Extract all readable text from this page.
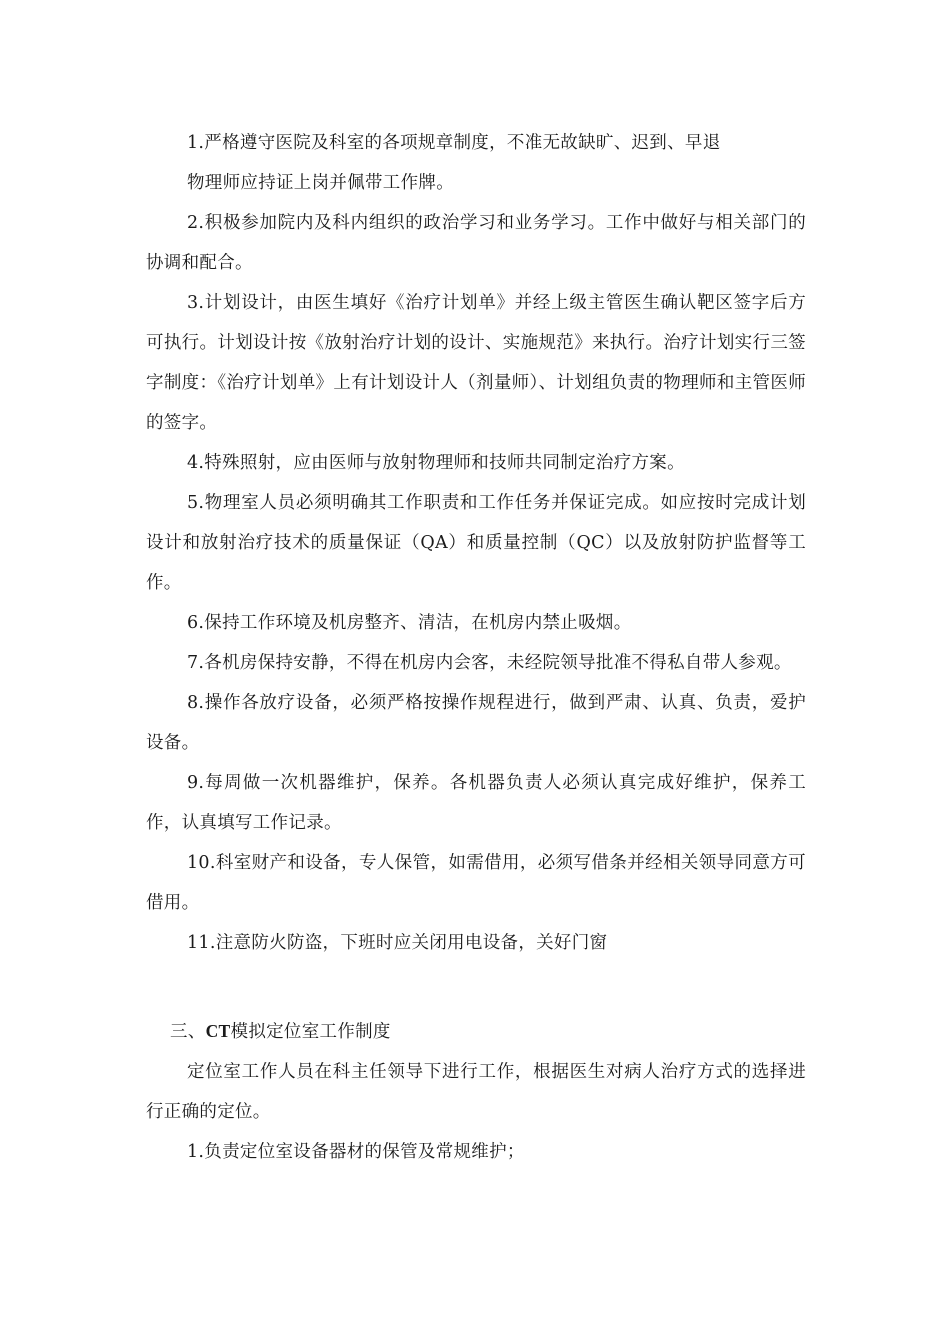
1.严格遵守医院及科室的各项规章制度，不准无故缺旷、迟到、早退

物理师应持证上岗并佩带工作牌。

2.积极参加院内及科内组织的政治学习和业务学习。工作中做好与相关部门的协调和配合。

3.计划设计，由医生填好《治疗计划单》并经上级主管医生确认靶区签字后方可执行。计划设计按《放射治疗计划的设计、实施规范》来执行。治疗计划实行三签字制度：《治疗计划单》上有计划设计人（剂量师）、计划组负责的物理师和主管医师的签字。

4.特殊照射，应由医师与放射物理师和技师共同制定治疗方案。

5.物理室人员必须明确其工作职责和工作任务并保证完成。如应按时完成计划设计和放射治疗技术的质量保证（QA）和质量控制（QC）以及放射防护监督等工作。

6.保持工作环境及机房整齐、清洁，在机房内禁止吸烟。

7.各机房保持安静，不得在机房内会客，未经院领导批准不得私自带人参观。

8.操作各放疗设备，必须严格按操作规程进行，做到严肃、认真、负责，爱护设备。

9.每周做一次机器维护，保养。各机器负责人必须认真完成好维护，保养工作，认真填写工作记录。

10.科室财产和设备，专人保管，如需借用，必须写借条并经相关领导同意方可借用。

11.注意防火防盗，下班时应关闭用电设备，关好门窗

三、CT模拟定位室工作制度

定位室工作人员在科主任领导下进行工作，根据医生对病人治疗方式的选择进行正确的定位。

1.负责定位室设备器材的保管及常规维护；
